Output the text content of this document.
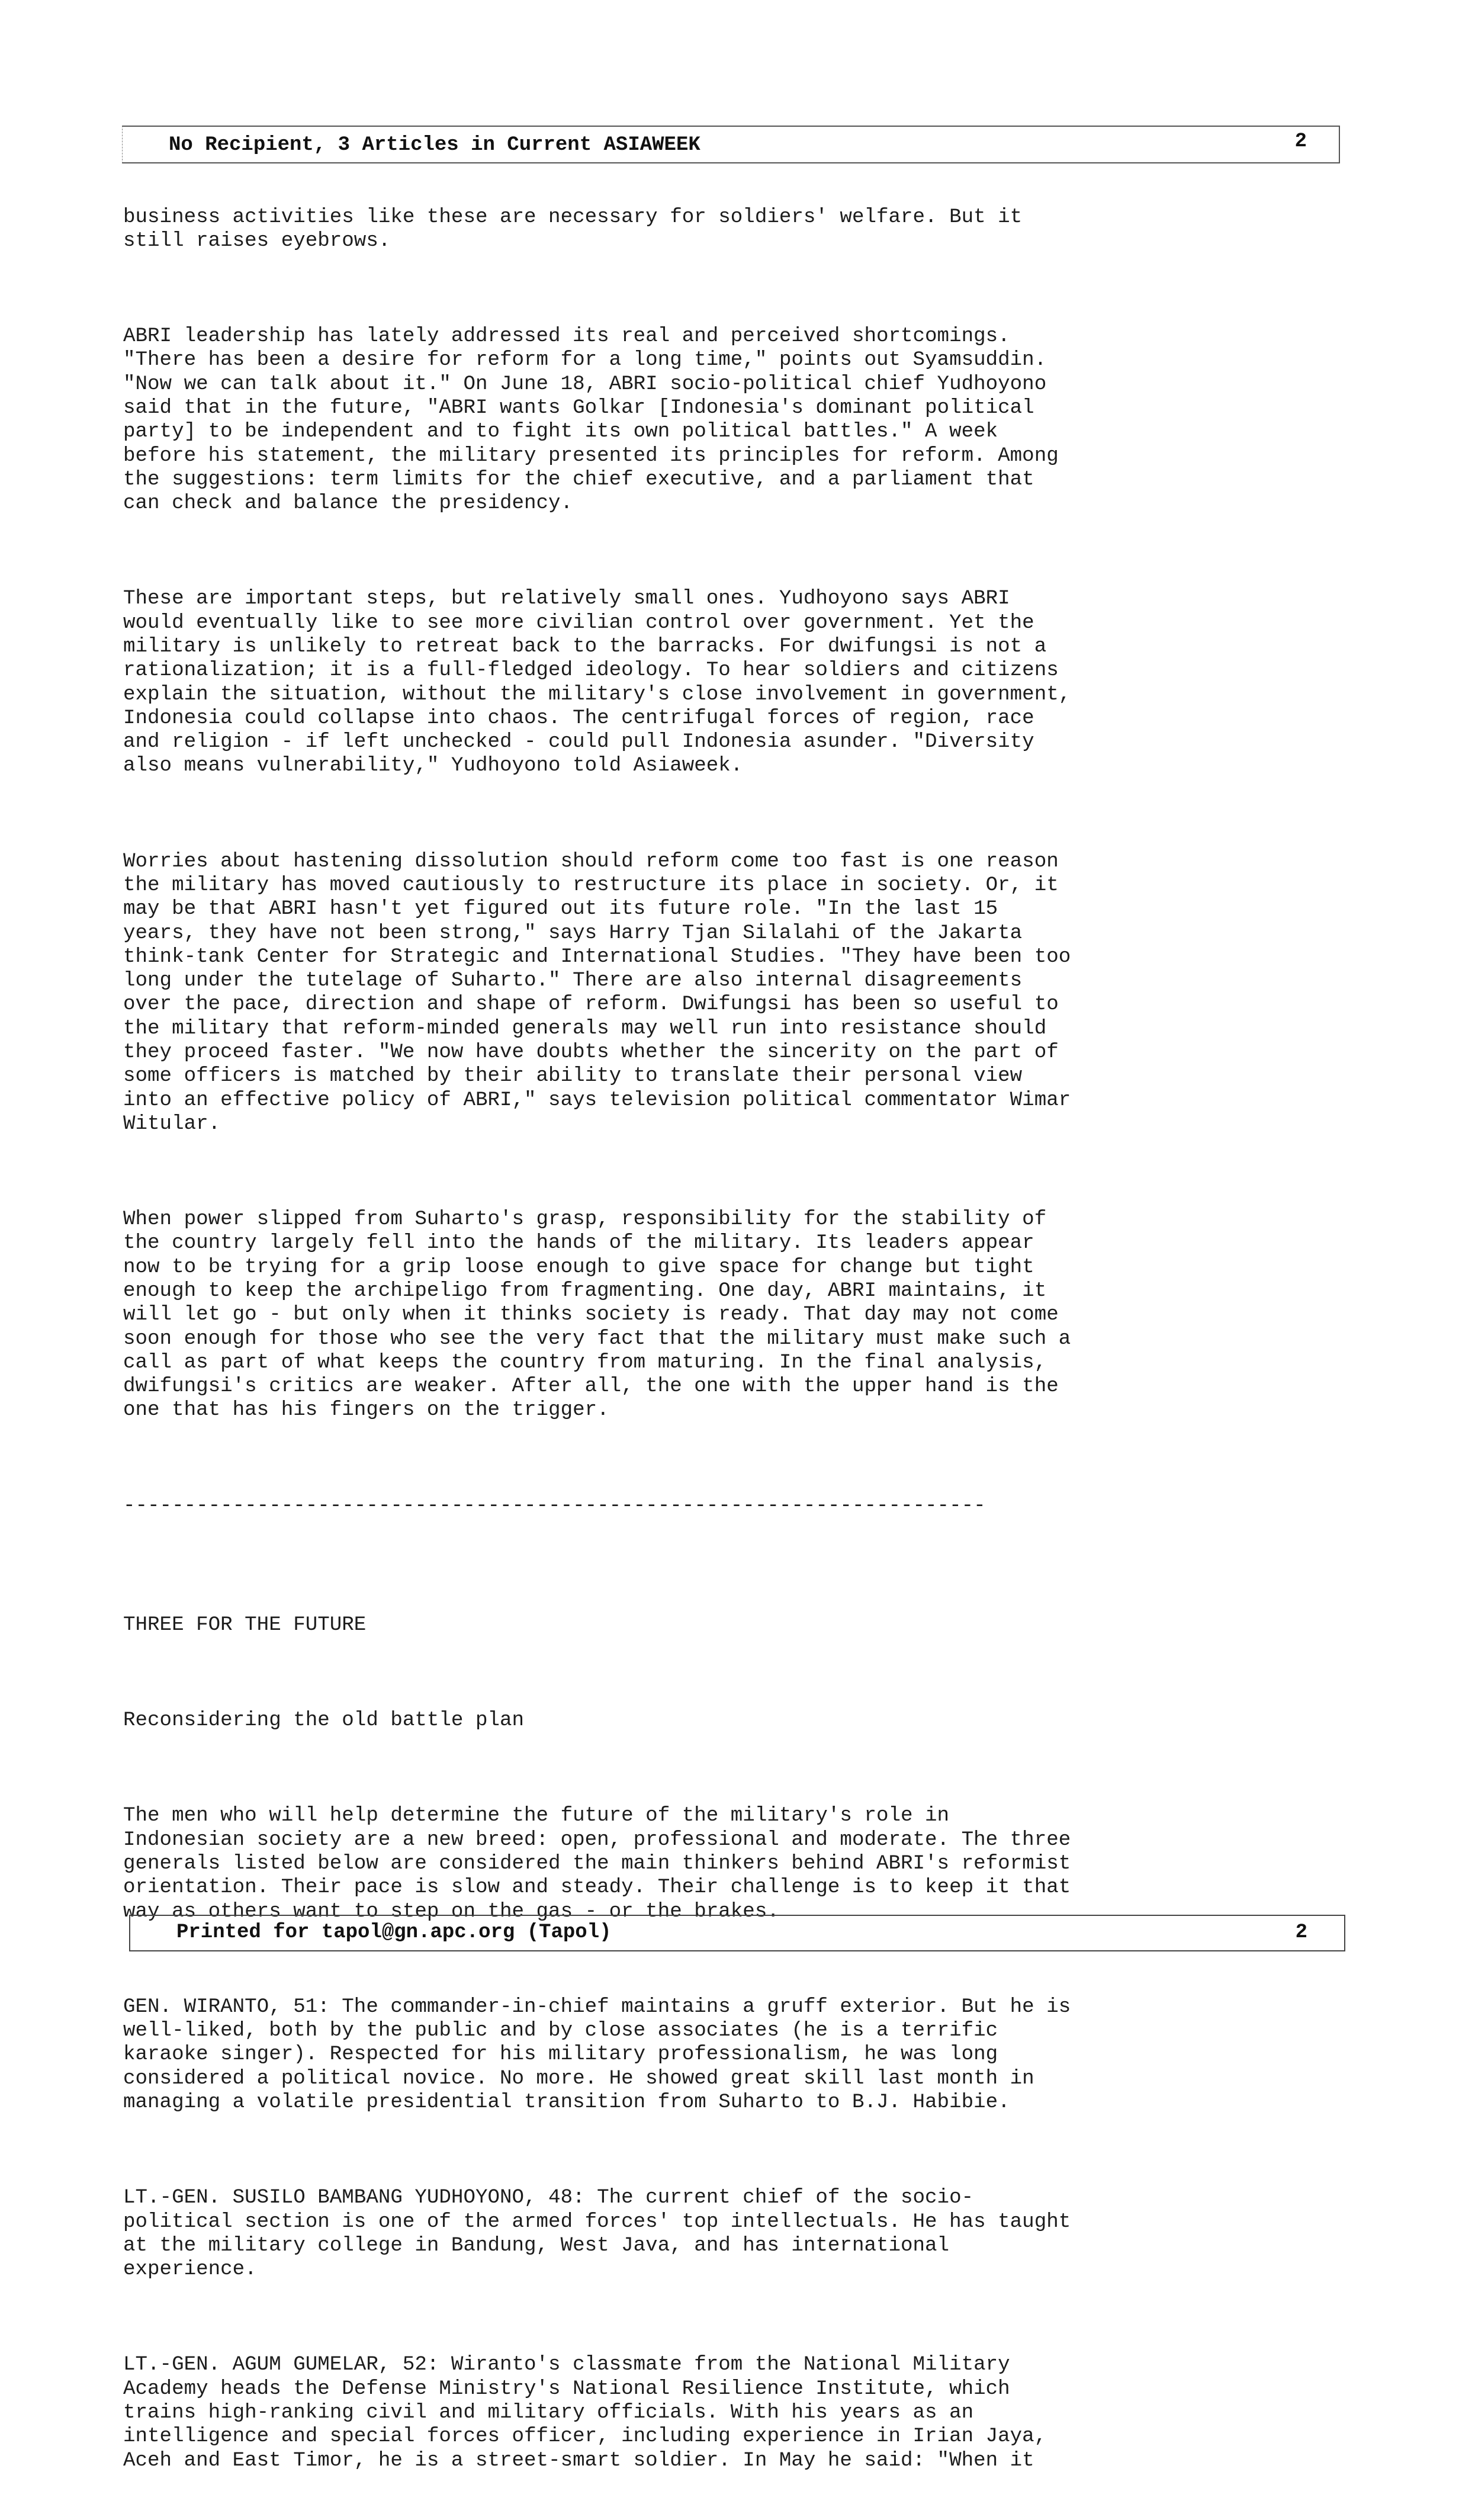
No Recipient, 3 Articles in Current ASIAWEEK	2

business activities like these are necessary for soldiers' welfare. But it
still raises eyebrows.

ABRI leadership has lately addressed its real and perceived shortcomings.
"There has been a desire for reform for a long time," points out Syamsuddin.
"Now we can talk about it." On June 18, ABRI socio-political chief Yudhoyono
said that in the future, "ABRI wants Golkar [Indonesia's dominant political
party] to be independent and to fight its own political battles." A week
before his statement, the military presented its principles for reform. Among
the suggestions: term limits for the chief executive, and a parliament that
can check and balance the presidency.

These are important steps, but relatively small ones. Yudhoyono says ABRI
would eventually like to see more civilian control over government. Yet the
military is unlikely to retreat back to the barracks. For dwifungsi is not a
rationalization; it is a full-fledged ideology. To hear soldiers and citizens
explain the situation, without the military's close involvement in government,
Indonesia could collapse into chaos. The centrifugal forces of region, race
and religion - if left unchecked - could pull Indonesia asunder. "Diversity
also means vulnerability," Yudhoyono told Asiaweek.

Worries about hastening dissolution should reform come too fast is one reason
the military has moved cautiously to restructure its place in society. Or, it
may be that ABRI hasn't yet figured out its future role. "In the last 15
years, they have not been strong," says Harry Tjan Silalahi of the Jakarta
think-tank Center for Strategic and International Studies. "They have been too
long under the tutelage of Suharto." There are also internal disagreements
over the pace, direction and shape of reform. Dwifungsi has been so useful to
the military that reform-minded generals may well run into resistance should
they proceed faster. "We now have doubts whether the sincerity on the part of
some officers is matched by their ability to translate their personal view
into an effective policy of ABRI," says television political commentator Wimar
Witular.

When power slipped from Suharto's grasp, responsibility for the stability of
the country largely fell into the hands of the military. Its leaders appear
now to be trying for a grip loose enough to give space for change but tight
enough to keep the archipeligo from fragmenting. One day, ABRI maintains, it
will let go - but only when it thinks society is ready. That day may not come
soon enough for those who see the very fact that the military must make such a
call as part of what keeps the country from maturing. In the final analysis,
dwifungsi's critics are weaker. After all, the one with the upper hand is the
one that has his fingers on the trigger.

-----------------------------------------------------------------------

THREE FOR THE FUTURE

Reconsidering the old battle plan

The men who will help determine the future of the military's role in
Indonesian society are a new breed: open, professional and moderate. The three
generals listed below are considered the main thinkers behind ABRI's reformist
orientation. Their pace is slow and steady. Their challenge is to keep it that
way as others want to step on the gas - or the brakes.

GEN. WIRANTO, 51: The commander-in-chief maintains a gruff exterior. But he is
well-liked, both by the public and by close associates (he is a terrific
karaoke singer). Respected for his military professionalism, he was long
considered a political novice. No more. He showed great skill last month in
managing a volatile presidential transition from Suharto to B.J. Habibie.

LT.-GEN. SUSILO BAMBANG YUDHOYONO, 48: The current chief of the socio-
political section is one of the armed forces' top intellectuals. He has taught
at the military college in Bandung, West Java, and has international
experience.

LT.-GEN. AGUM GUMELAR, 52: Wiranto's classmate from the National Military
Academy heads the Defense Ministry's National Resilience Institute, which
trains high-ranking civil and military officials. With his years as an
intelligence and special forces officer, including experience in Irian Jaya,
Aceh and East Timor, he is a street-smart soldier. In May he said: "When it

Printed for tapol@gn.apc.org (Tapol)	2
